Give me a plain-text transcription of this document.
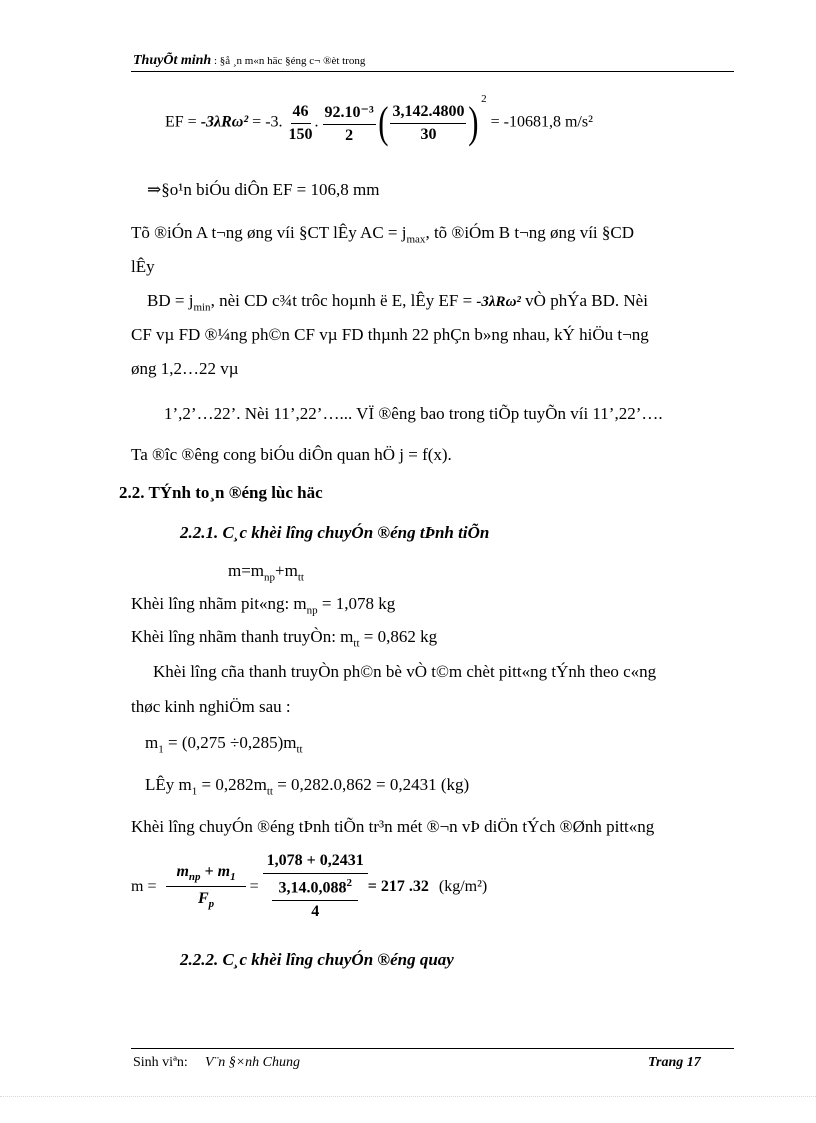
ThuyÕt minh : §å ¸n m«n häc §éng c¬ ®èt trong
EF = -3λRω² = -3. $\frac{46}{150}$ . $\frac{\text{92.10⁻³}}{2}$ ( $\frac{3,142.4800}{30}$ ) $^2$ = -10681,8 m/s²
⇒§o¹n biÓu diÔn EF = 106,8 mm
Tõ ®iÓn A t¬ng øng víi §CT lÊy AC = $j_{max}$, tõ ®iÓm B t¬ng øng víi §CD
lÊy
BD = $j_{min}$, nèi CD c¾t trôc hoµnh ë E, lÊy EF = -3λRω² vÒ phÝa BD. Nèi
CF vµ FD ®¼ng ph©n CF vµ FD thµnh 22 phÇn b»ng nhau, kÝ hiÖu t¬ng
øng 1,2…22 vµ
1’,2’…22’. Nèi 11’,22’…... VÏ ®êng bao trong tiÕp tuyÕn víi 11’,22’….
Ta ®îc ®êng cong biÓu diÔn quan hÖ j = f(x).
2.2. TÝnh to¸n ®éng lùc häc
2.2.1. C¸c khèi lîng chuyÓn ®éng tÞnh tiÕn
$m=m_{np}+m_{tt}$
Khèi lîng nhãm pit«ng: $m_{np} = 1,078$ kg
Khèi lîng nhãm thanh truyÒn: $m_{tt} = 0,862$ kg
Khèi lîng cña thanh truyÒn ph©n bè vÒ t©m chèt pitt«ng tÝnh theo c«ng
thøc kinh nghiÖm sau :
$m_1 = (0,275 \div 0,285)m_{tt}$
LÊy $m_1 = 0,282m_{tt} = 0,282.0,862 = 0,2431$ (kg)
Khèi lîng chuyÓn ®éng tÞnh tiÕn tr³n mét ®¬n vÞ diÖn tÝch ®Ønh pitt«ng
$m = \frac{m_{np} + m_1}{F_p} = \frac{1,078 + 0,2431}{\frac{3,14.0,088^2}{4}} = 217$ .32 (kg/m²)
2.2.2. C¸c khèi lîng chuyÓn ®éng quay
Sinh viªn: V¨n §×nh Chung	Trang 17
